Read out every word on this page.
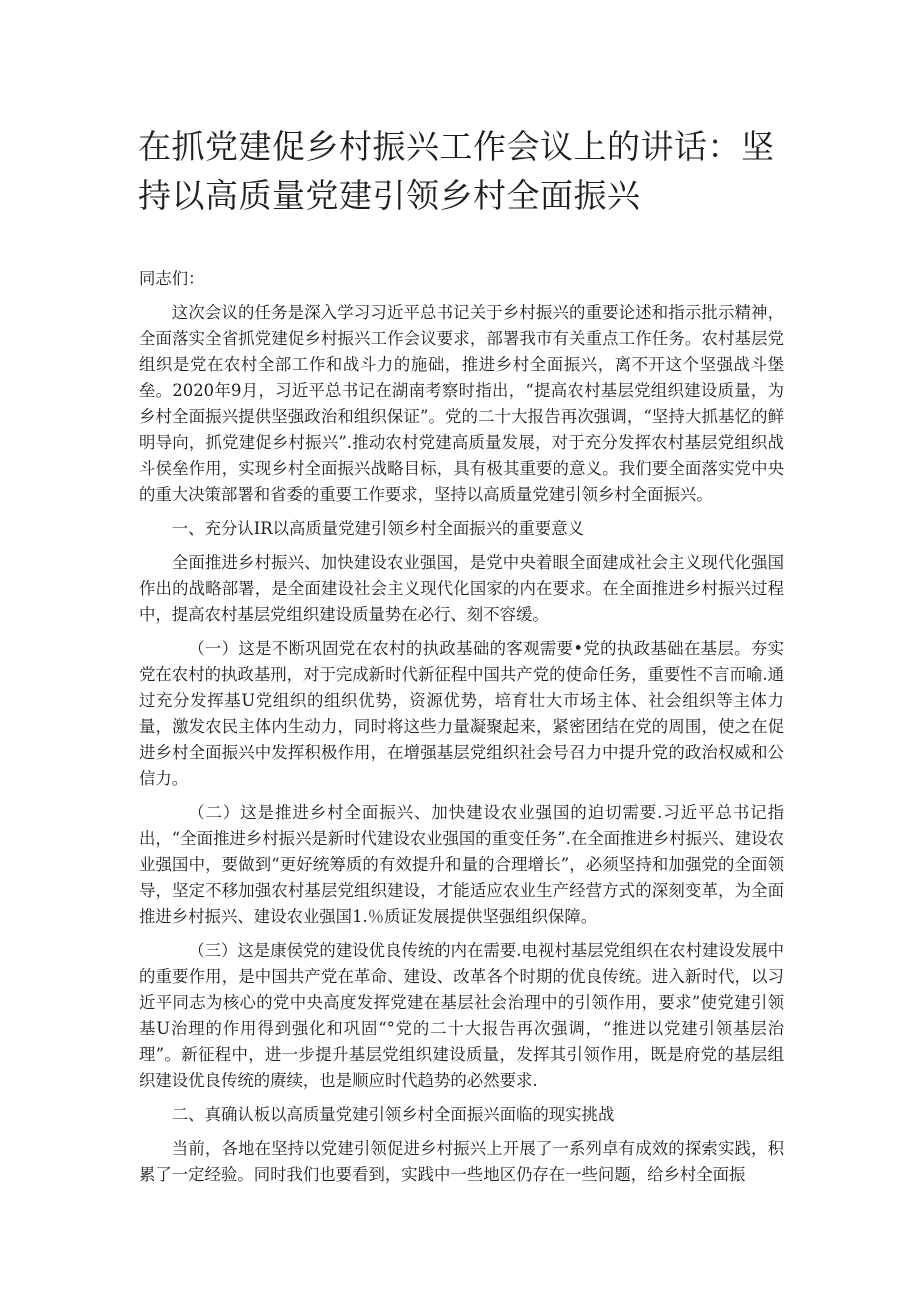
在抓党建促乡村振兴工作会议上的讲话：坚持以高质量党建引领乡村全面振兴

同志们：

这次会议的任务是深入学习习近平总书记关于乡村振兴的重要论述和指示批示精神，全面落实全省抓党建促乡村振兴工作会议要求，部署我市有关重点工作任务。农村基层党组织是党在农村全部工作和战斗力的施础，推进乡村全面振兴，离不开这个坚强战斗堡垒。2020年9月，习近平总书记在湖南考察时指出，“提高农村基层党组织建设质量，为乡村全面振兴提供坚强政治和组织保证”。党的二十大报告再次强调，“坚持大抓基忆的鲜明导向，抓党建促乡村振兴”.推动农村党建高质量发展，对于充分发挥农村基层党组织战斗侯垒作用，实现乡村全面振兴战略目标，具有极其重要的意义。我们要全面落实党中央的重大决策部署和省委的重要工作要求，坚持以高质量党建引领乡村全面振兴。

一、充分认IR以高质量党建引领乡村全面振兴的重要意义

全面推进乡村振兴、加快建设农业强国，是党中央着眼全面建成社会主义现代化强国作出的战略部署，是全面建设社会主义现代化国家的内在要求。在全面推进乡村振兴过程中，提高农村基层党组织建设质量势在必行、刻不容缓。

（一）这是不断巩固党在农村的执政基础的客观需要•党的执政基础在基层。夯实党在农村的执政基刑，对于完成新时代新征程中国共产党的使命任务，重要性不言而喻.通过充分发挥基U党组织的组织优势，资源优势，培育壮大市场主体、社会组织等主体力量，激发农民主体内生动力，同时将这些力量凝聚起来，紧密团结在党的周围，使之在促进乡村全面振兴中发挥积极作用，在增强基层党组织社会号召力中提升党的政治权威和公信力。

（二）这是推进乡村全面振兴、加快建设农业强国的迫切需要.习近平总书记指出，“全面推进乡村振兴是新时代建设农业强国的重变任务”.在全面推进乡村振兴、建设农业强国中，要做到“更好统筹质的有效提升和量的合理增长”，必须坚持和加强党的全面领导，坚定不移加强农村基层党组织建设，才能适应农业生产经营方式的深刻变革，为全面推进乡村振兴、建设农业强国1.％质证发展提供坚强组织保障。

（三）这是康侯党的建设优良传统的内在需要.电视村基层党组织在农村建设发展中的重要作用，是中国共产党在革命、建设、改革各个时期的优良传统。进入新时代，以习近平同志为核心的党中央高度发挥党建在基层社会治理中的引领作用，要求”使党建引领基U治理的作用得到强化和巩固“°党的二十大报告再次强调，“推进以党建引领基层治理”。新征程中，进一步提升基层党组织建设质量，发挥其引领作用，既是府党的基层组织建设优良传统的赓续，也是顺应时代趋势的必然要求.

二、真确认板以高质量党建引领乡村全面振兴面临的现实挑战

当前，各地在坚持以党建引领促进乡村振兴上开展了一系列卓有成效的探索实践，积累了一定经验。同时我们也要看到，实践中一些地区仍存在一些问题，给乡村全面振
